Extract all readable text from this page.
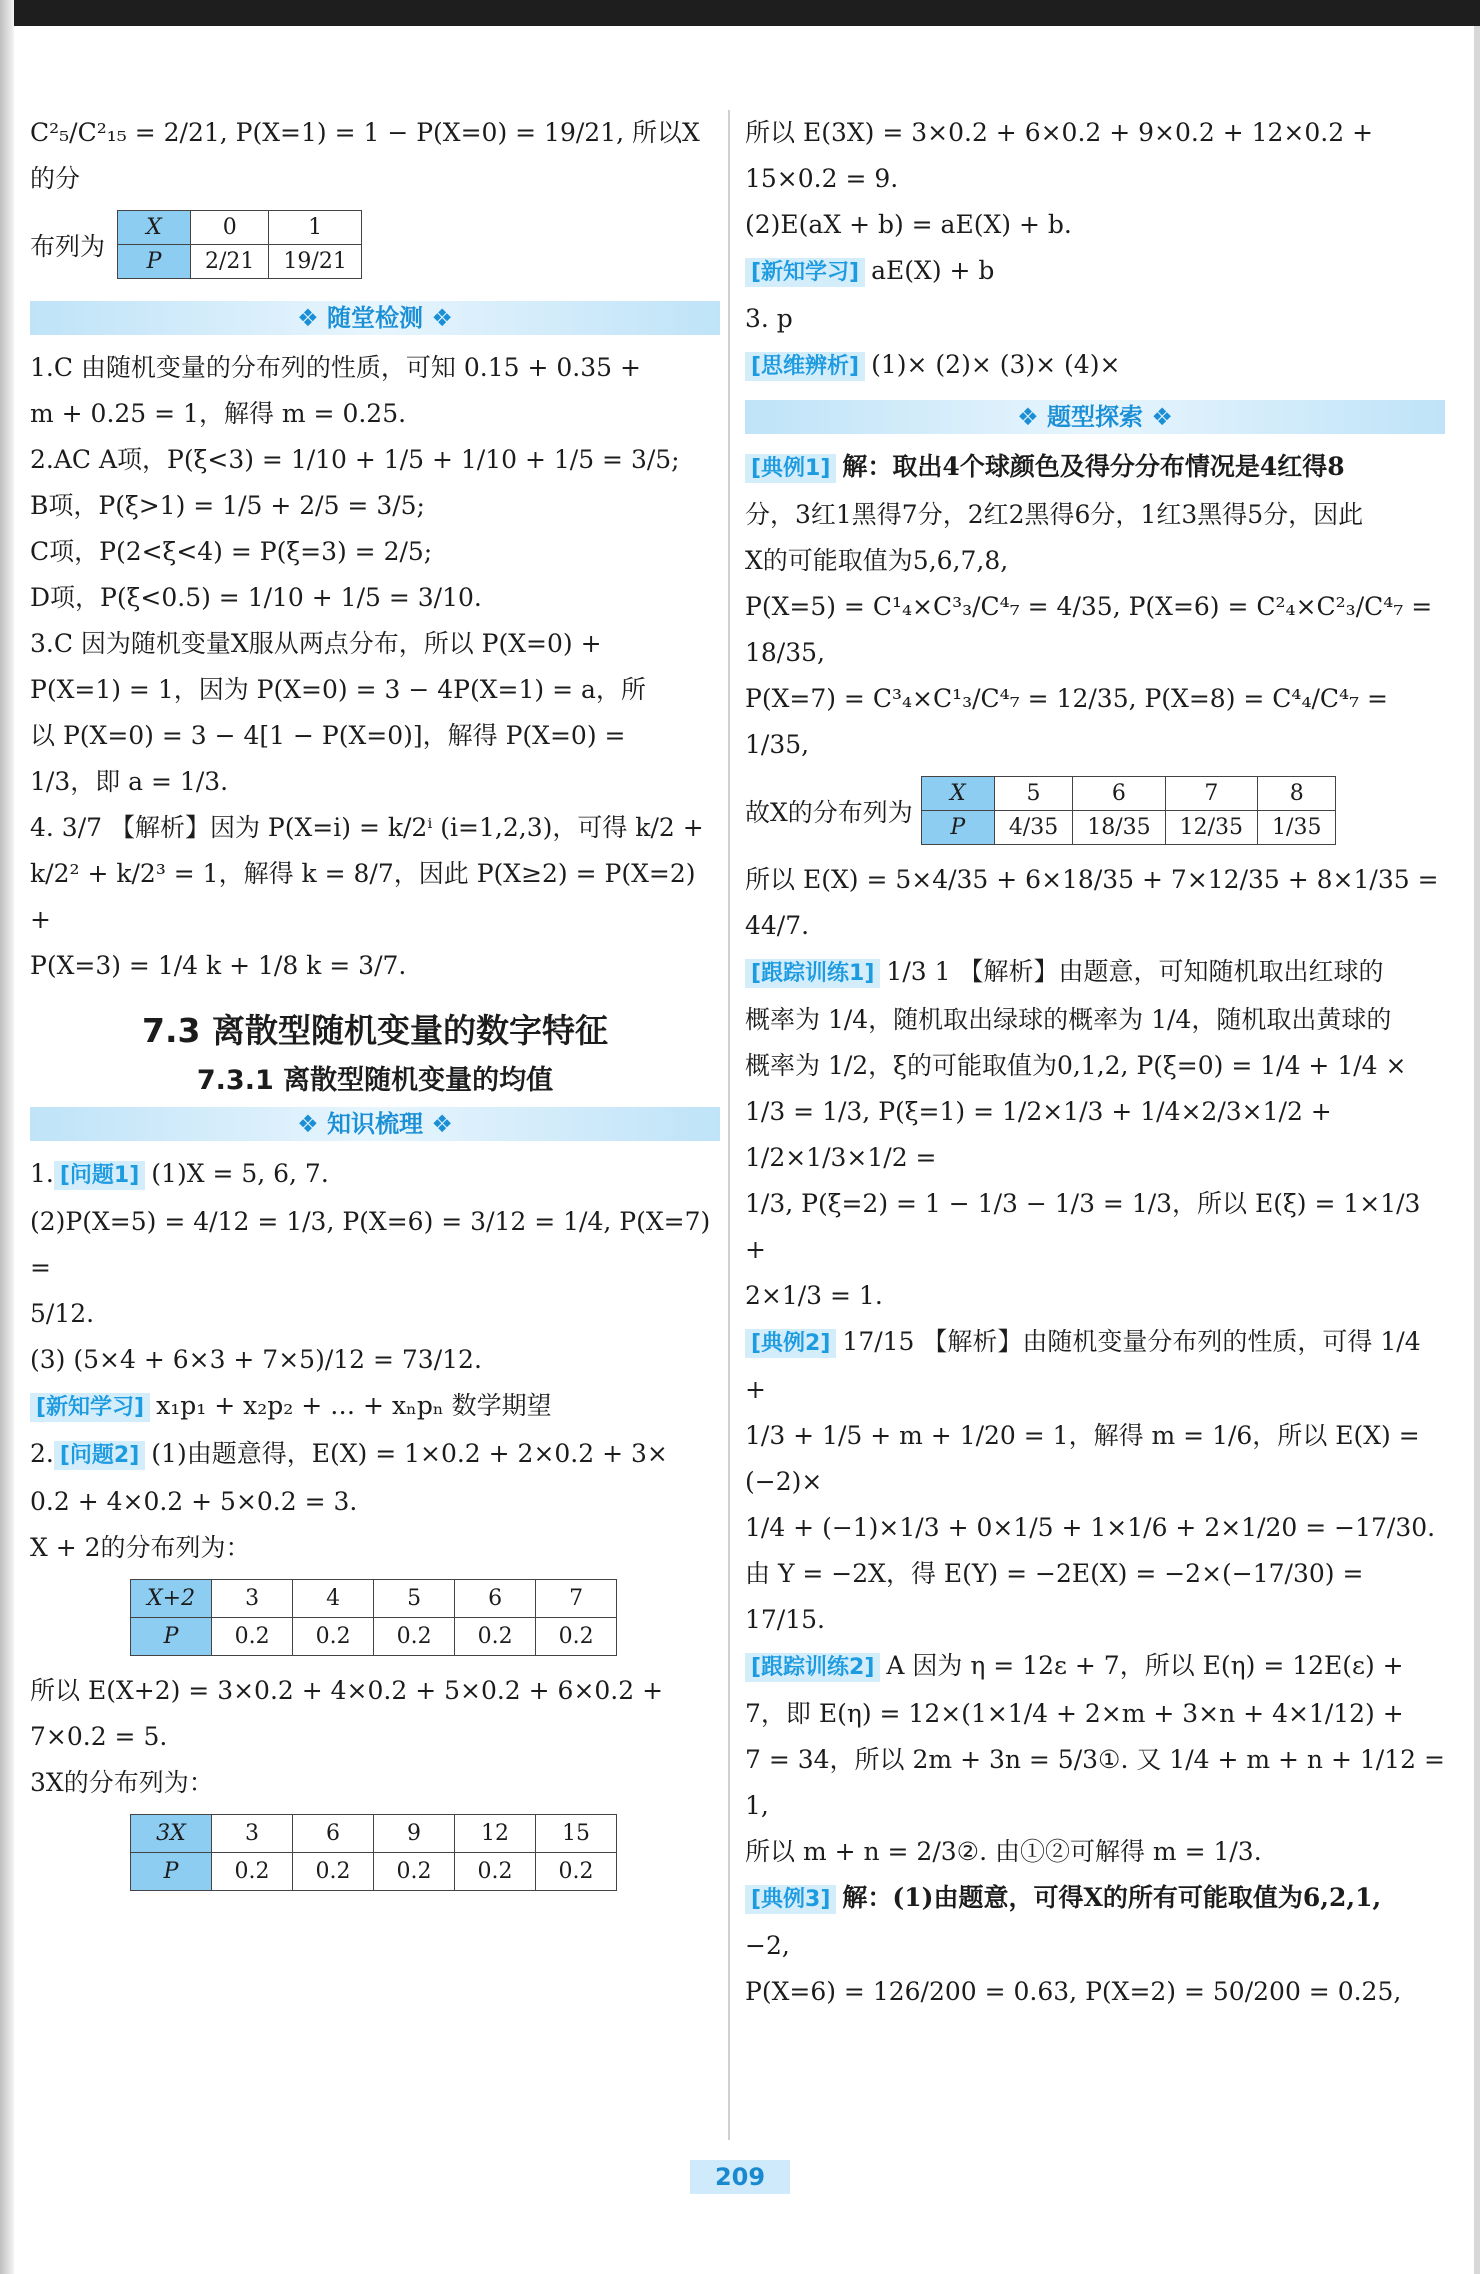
C²₅/C²₁₅ = 2/21, P(X=1) = 1 − P(X=0) = 19/21, 所以X的分

布列为
X	0	1
P	2/21	19/21
❖ 随堂检测 ❖

1.C 由随机变量的分布列的性质，可知 0.15 + 0.35 +

m + 0.25 = 1，解得 m = 0.25.

2.AC A项，P(ξ<3) = 1/10 + 1/5 + 1/10 + 1/5 = 3/5;

B项，P(ξ>1) = 1/5 + 2/5 = 3/5;

C项，P(2<ξ<4) = P(ξ=3) = 2/5;

D项，P(ξ<0.5) = 1/10 + 1/5 = 3/10.

3.C 因为随机变量X服从两点分布，所以 P(X=0) +

P(X=1) = 1，因为 P(X=0) = 3 − 4P(X=1) = a，所

以 P(X=0) = 3 − 4[1 − P(X=0)]，解得 P(X=0) =

1/3，即 a = 1/3.

4. 3/7 【解析】因为 P(X=i) = k/2ⁱ (i=1,2,3)，可得 k/2 +

k/2² + k/2³ = 1，解得 k = 8/7，因此 P(X≥2) = P(X=2) +

P(X=3) = 1/4 k + 1/8 k = 3/7.

7.3 离散型随机变量的数字特征
7.3.1 离散型随机变量的均值
❖ 知识梳理 ❖

1. [问题1] (1)X = 5, 6, 7.

(2)P(X=5) = 4/12 = 1/3, P(X=6) = 3/12 = 1/4, P(X=7) =

5/12.

(3) (5×4 + 6×3 + 7×5)/12 = 73/12.

[新知学习] x₁p₁ + x₂p₂ + … + xₙpₙ 数学期望

2. [问题2] (1)由题意得，E(X) = 1×0.2 + 2×0.2 + 3×

0.2 + 4×0.2 + 5×0.2 = 3.

X + 2的分布列为：

X+2	3	4	5	6	7
P	0.2	0.2	0.2	0.2	0.2

所以 E(X+2) = 3×0.2 + 4×0.2 + 5×0.2 + 6×0.2 +

7×0.2 = 5.

3X的分布列为：

3X	3	6	9	12	15
P	0.2	0.2	0.2	0.2	0.2

所以 E(3X) = 3×0.2 + 6×0.2 + 9×0.2 + 12×0.2 +

15×0.2 = 9.

(2)E(aX + b) = aE(X) + b.

[新知学习] aE(X) + b

3. p

[思维辨析] (1)× (2)× (3)× (4)×

❖ 题型探索 ❖

[典例1] 解：取出4个球颜色及得分分布情况是4红得8

分，3红1黑得7分，2红2黑得6分，1红3黑得5分，因此

X的可能取值为5,6,7,8,

P(X=5) = C¹₄×C³₃/C⁴₇ = 4/35, P(X=6) = C²₄×C²₃/C⁴₇ = 18/35,

P(X=7) = C³₄×C¹₃/C⁴₇ = 12/35, P(X=8) = C⁴₄/C⁴₇ = 1/35,

故X的分布列为
X	5	6	7	8
P	4/35	18/35	12/35	1/35

所以 E(X) = 5×4/35 + 6×18/35 + 7×12/35 + 8×1/35 = 44/7.

[跟踪训练1] 1/3 1 【解析】由题意，可知随机取出红球的

概率为 1/4，随机取出绿球的概率为 1/4，随机取出黄球的

概率为 1/2，ξ的可能取值为0,1,2, P(ξ=0) = 1/4 + 1/4 ×

1/3 = 1/3, P(ξ=1) = 1/2×1/3 + 1/4×2/3×1/2 + 1/2×1/3×1/2 =

1/3, P(ξ=2) = 1 − 1/3 − 1/3 = 1/3，所以 E(ξ) = 1×1/3 +

2×1/3 = 1.

[典例2] 17/15 【解析】由随机变量分布列的性质，可得 1/4 +

1/3 + 1/5 + m + 1/20 = 1，解得 m = 1/6，所以 E(X) = (−2)×

1/4 + (−1)×1/3 + 0×1/5 + 1×1/6 + 2×1/20 = −17/30.

由 Y = −2X，得 E(Y) = −2E(X) = −2×(−17/30) = 17/15.

[跟踪训练2] A 因为 η = 12ε + 7，所以 E(η) = 12E(ε) +

7，即 E(η) = 12×(1×1/4 + 2×m + 3×n + 4×1/12) +

7 = 34，所以 2m + 3n = 5/3①. 又 1/4 + m + n + 1/12 = 1,

所以 m + n = 2/3②. 由①②可解得 m = 1/3.

[典例3] 解：(1)由题意，可得X的所有可能取值为6,2,1,

−2,

P(X=6) = 126/200 = 0.63, P(X=2) = 50/200 = 0.25,

209
